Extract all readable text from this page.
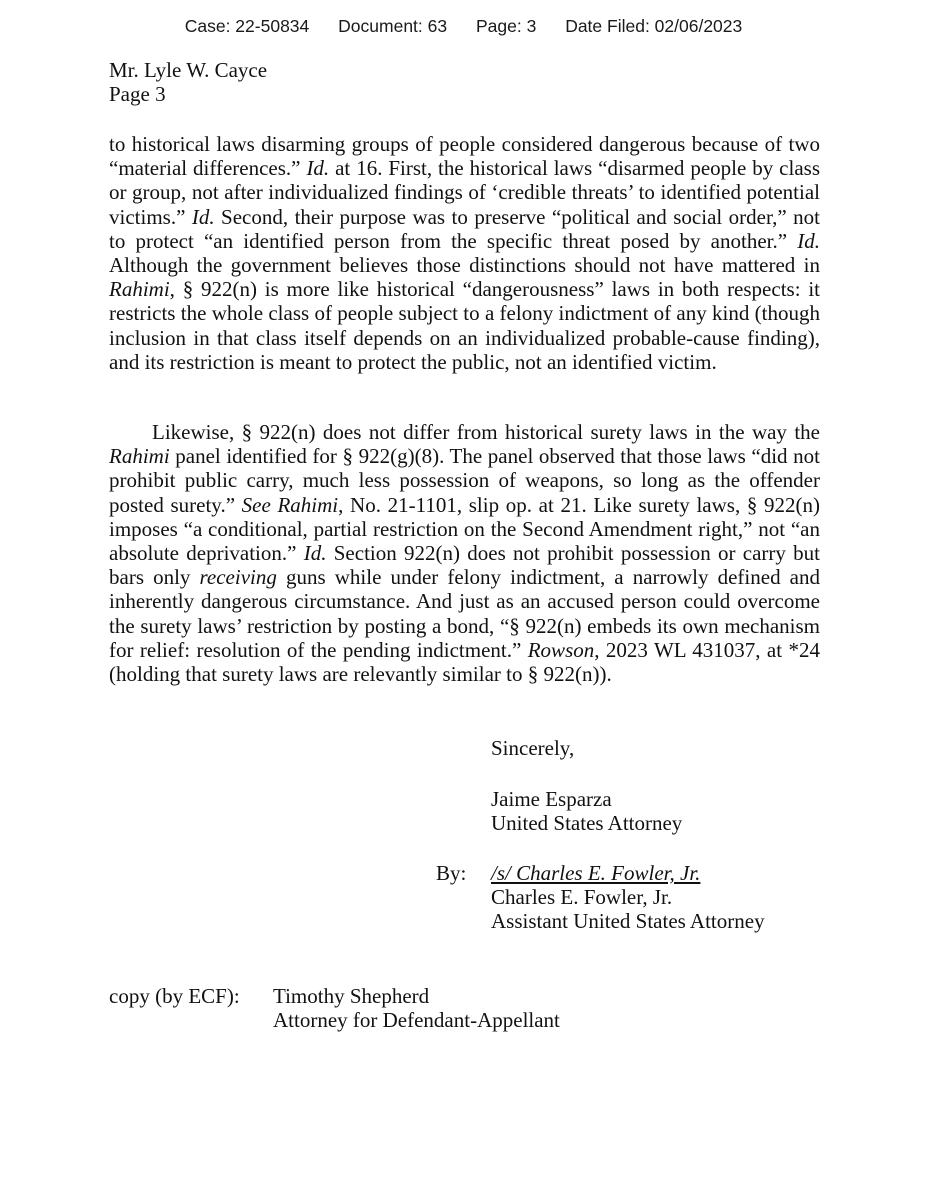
Case: 22-50834 Document: 63 Page: 3 Date Filed: 02/06/2023
Mr. Lyle W. Cayce
Page 3

to historical laws disarming groups of people considered dangerous because of two “material differences.” Id. at 16. First, the historical laws “disarmed people by class or group, not after individualized findings of ‘credible threats’ to identified potential victims.” Id. Second, their purpose was to preserve “political and social order,” not to protect “an identified person from the specific threat posed by another.” Id. Although the government believes those distinctions should not have mattered in Rahimi, § 922(n) is more like historical “dangerousness” laws in both respects: it restricts the whole class of people subject to a felony indictment of any kind (though inclusion in that class itself depends on an individualized probable-cause finding), and its restriction is meant to protect the public, not an identified victim.

Likewise, § 922(n) does not differ from historical surety laws in the way the Rahimi panel identified for § 922(g)(8). The panel observed that those laws “did not prohibit public carry, much less possession of weapons, so long as the offender posted surety.” See Rahimi, No. 21-1101, slip op. at 21. Like surety laws, § 922(n) imposes “a conditional, partial restriction on the Second Amendment right,” not “an absolute deprivation.” Id. Section 922(n) does not prohibit possession or carry but bars only receiving guns while under felony indictment, a narrowly defined and inherently dangerous circumstance. And just as an accused person could overcome the surety laws’ restriction by posting a bond, “§ 922(n) embeds its own mechanism for relief: resolution of the pending indictment.” Rowson, 2023 WL 431037, at *24 (holding that surety laws are relevantly similar to § 922(n)).

Sincerely,
Jaime Esparza
United States Attorney
By: /s/ Charles E. Fowler, Jr.
Charles E. Fowler, Jr.
Assistant United States Attorney
copy (by ECF): Timothy Shepherd
Attorney for Defendant-Appellant
